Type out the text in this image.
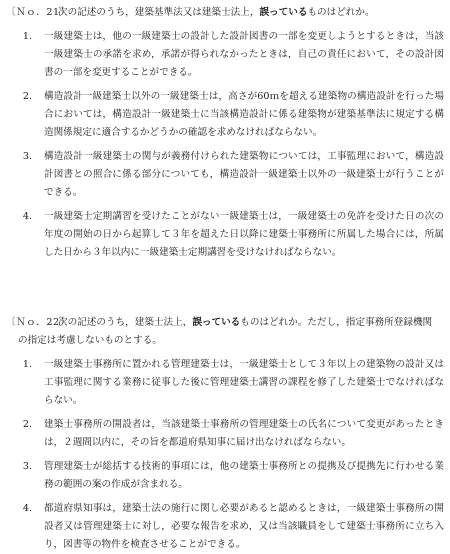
〔Ｎｏ．21〕
次の記述のうち，建築基準法又は建築士法上，誤っているものはどれか。
1 .	一級建築士は，他の一級建築士の設計した設計図書の一部を変更しようとするときは，当該一級建築士の承諾を求め，承諾が得られなかったときは，自己の責任において，その設計図書の一部を変更することができる。
2 .	構造設計一級建築士以外の一級建築士は，高さが60ｍを超える建築物の構造設計を行った場合においては，構造設計一級建築士に当該構造設計に係る建築物が建築基準法に規定する構造関係規定に適合するかどうかの確認を求めなければならない。
3 .	構造設計一級建築士の関与が義務付けられた建築物については，工事監理において，構造設計図書との照合に係る部分についても，構造設計一級建築士以外の一級建築士が行うことができる。
4 .	一級建築士定期講習を受けたことがない一級建築士は，一級建築士の免許を受けた日の次の年度の開始の日から起算して３年を超えた日以降に建築士事務所に所属した場合には，所属した日から３年以内に一級建築士定期講習を受けなければならない。
〔Ｎｏ．22〕
次の記述のうち，建築士法上，誤っているものはどれか。ただし，指定事務所登録機関
の指定は考慮しないものとする。
1 .	一級建築士事務所に置かれる管理建築士は，一級建築士として３年以上の建築物の設計又は工事監理に関する業務に従事した後に管理建築士講習の課程を修了した建築士でなければならない。
2 .	建築士事務所の開設者は，当該建築士事務所の管理建築士の氏名について変更があったときは，２週間以内に，その旨を都道府県知事に届け出なければならない。
3 .	管理建築士が総括する技術的事項には，他の建築士事務所との提携及び提携先に行わせる業務の範囲の案の作成が含まれる。
4 .	都道府県知事は，建築士法の施行に関し必要があると認めるときは，一級建築士事務所の開設者又は管理建築士に対し，必要な報告を求め，又は当該職員をして建築士事務所に立ち入り，図書等の物件を検査させることができる。
